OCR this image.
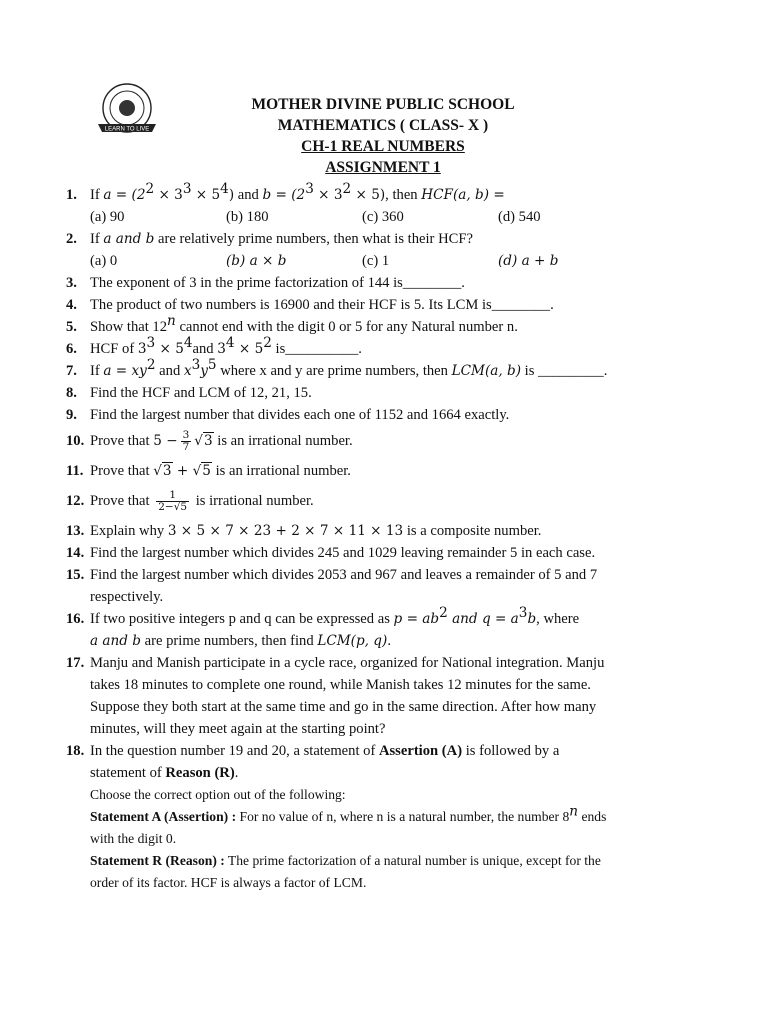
LEARN TO LIVE
MOTHER DIVINE PUBLIC SCHOOL
MATHEMATICS ( CLASS- X )
CH-1 REAL NUMBERS
ASSIGNMENT 1
1. If $a = (2^2 \times 3^3 \times 5^4)$ and $b = (2^3 \times 3^2 \times 5)$, then HCF(a, b) =
(a) 90	(b) 180	(c) 360	(d) 540
2. If a and b are relatively prime numbers, then what is their HCF?
(a) 0	(b) a × b	(c) 1	(d) a + b
3. The exponent of 3 in the prime factorization of 144 is________.
4. The product of two numbers is 16900 and their HCF is 5. Its LCM is________.
5. Show that 12$^n$ cannot end with the digit 0 or 5 for any Natural number n.
6. HCF of $3^3 \times 5^4and$ $3^4 \times 5^2$ is__________.
7. If $a = xy^2$ and $x^3y^5$ where x and y are prime numbers, then LCM(a, b) is _________.
8. Find the HCF and LCM of 12, 21, 15.
9. Find the largest number that divides each one of 1152 and 1664 exactly.
10. Prove that $5 - \frac{3}{7} √3$ is an irrational number.
11. Prove that √3 + √5 is an irrational number.
12. Prove that $\frac{1}{2-√5}$ is irrational number.
13. Explain why 3 × 5 × 7 × 23 + 2 × 7 × 11 × 13 is a composite number.
14. Find the largest number which divides 245 and 1029 leaving remainder 5 in each case.
15. Find the largest number which divides 2053 and 967 and leaves a remainder of 5 and 7
respectively.
16. If two positive integers p and q can be expressed as $p = ab^2$ and $q = a^3b$, where
a and b are prime numbers, then find LCM(p, q).
17. Manju and Manish participate in a cycle race, organized for National integration. Manju
takes 18 minutes to complete one round, while Manish takes 12 minutes for the same.
Suppose they both start at the same time and go in the same direction. After how many
minutes, will they meet again at the starting point?
18. In the question number 19 and 20, a statement of Assertion (A) is followed by a
statement of Reason (R).
Choose the correct option out of the following:
Statement A (Assertion) : For no value of n, where n is a natural number, the number 8$^n$ ends
with the digit 0.
Statement R (Reason) : The prime factorization of a natural number is unique, except for the
order of its factor. HCF is always a factor of LCM.
